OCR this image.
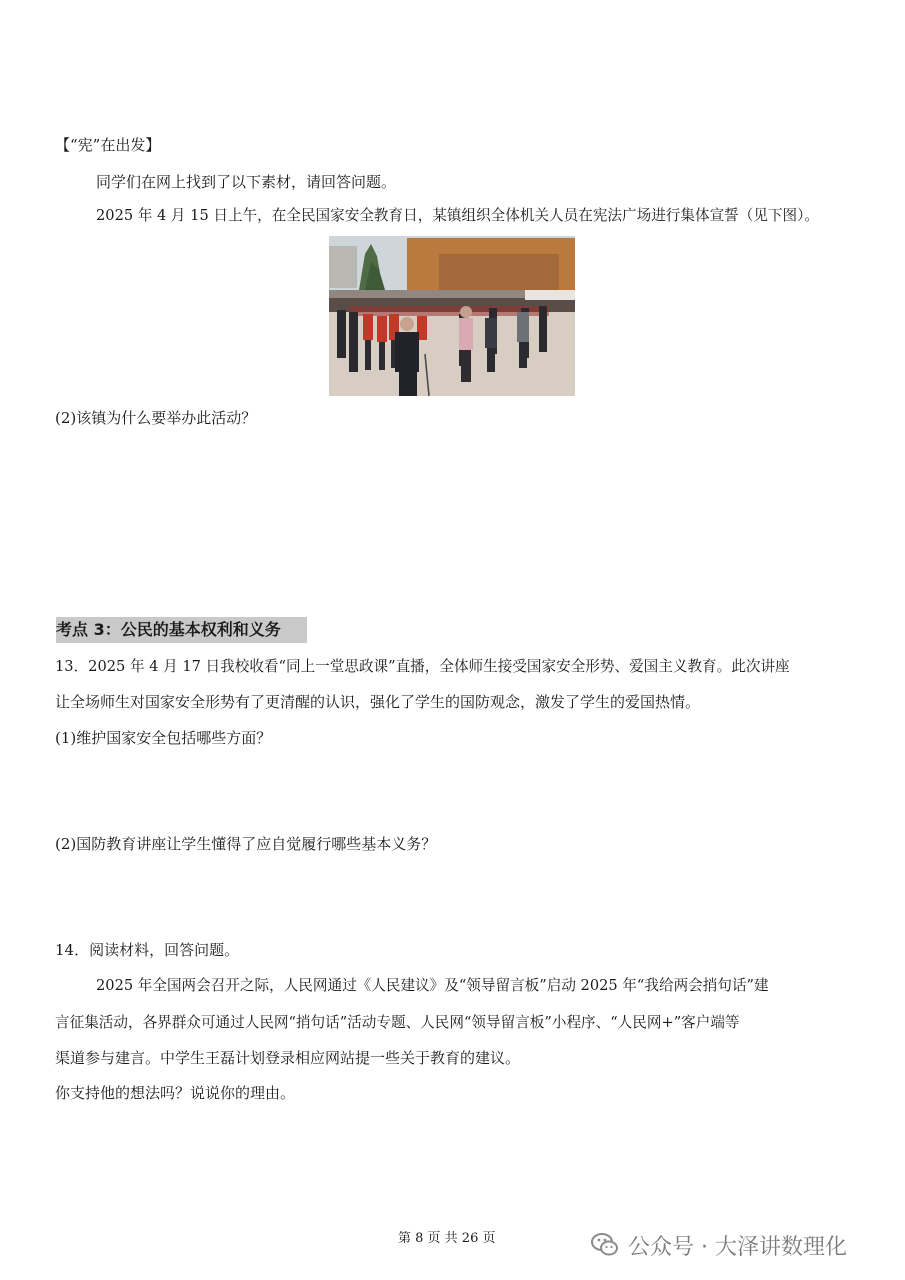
【“宪”在出发】
同学们在网上找到了以下素材，请回答问题。
2025 年 4 月 15 日上午，在全民国家安全教育日，某镇组织全体机关人员在宪法广场进行集体宣誓（见下图）。
(2)该镇为什么要举办此活动？
考点 3：公民的基本权利和义务
13．2025 年 4 月 17 日我校收看“同上一堂思政课”直播，全体师生接受国家安全形势、爱国主义教育。此次讲座
让全场师生对国家安全形势有了更清醒的认识，强化了学生的国防观念，激发了学生的爱国热情。
(1)维护国家安全包括哪些方面？
(2)国防教育讲座让学生懂得了应自觉履行哪些基本义务？
14．阅读材料，回答问题。
2025 年全国两会召开之际，人民网通过《人民建议》及“领导留言板”启动 2025 年“我给两会捎句话”建
言征集活动，各界群众可通过人民网“捎句话”活动专题、人民网“领导留言板”小程序、“人民网+”客户端等
渠道参与建言。中学生王磊计划登录相应网站提一些关于教育的建议。
你支持他的想法吗？说说你的理由。
第 8 页 共 26 页	公众号 · 大泽讲数理化
